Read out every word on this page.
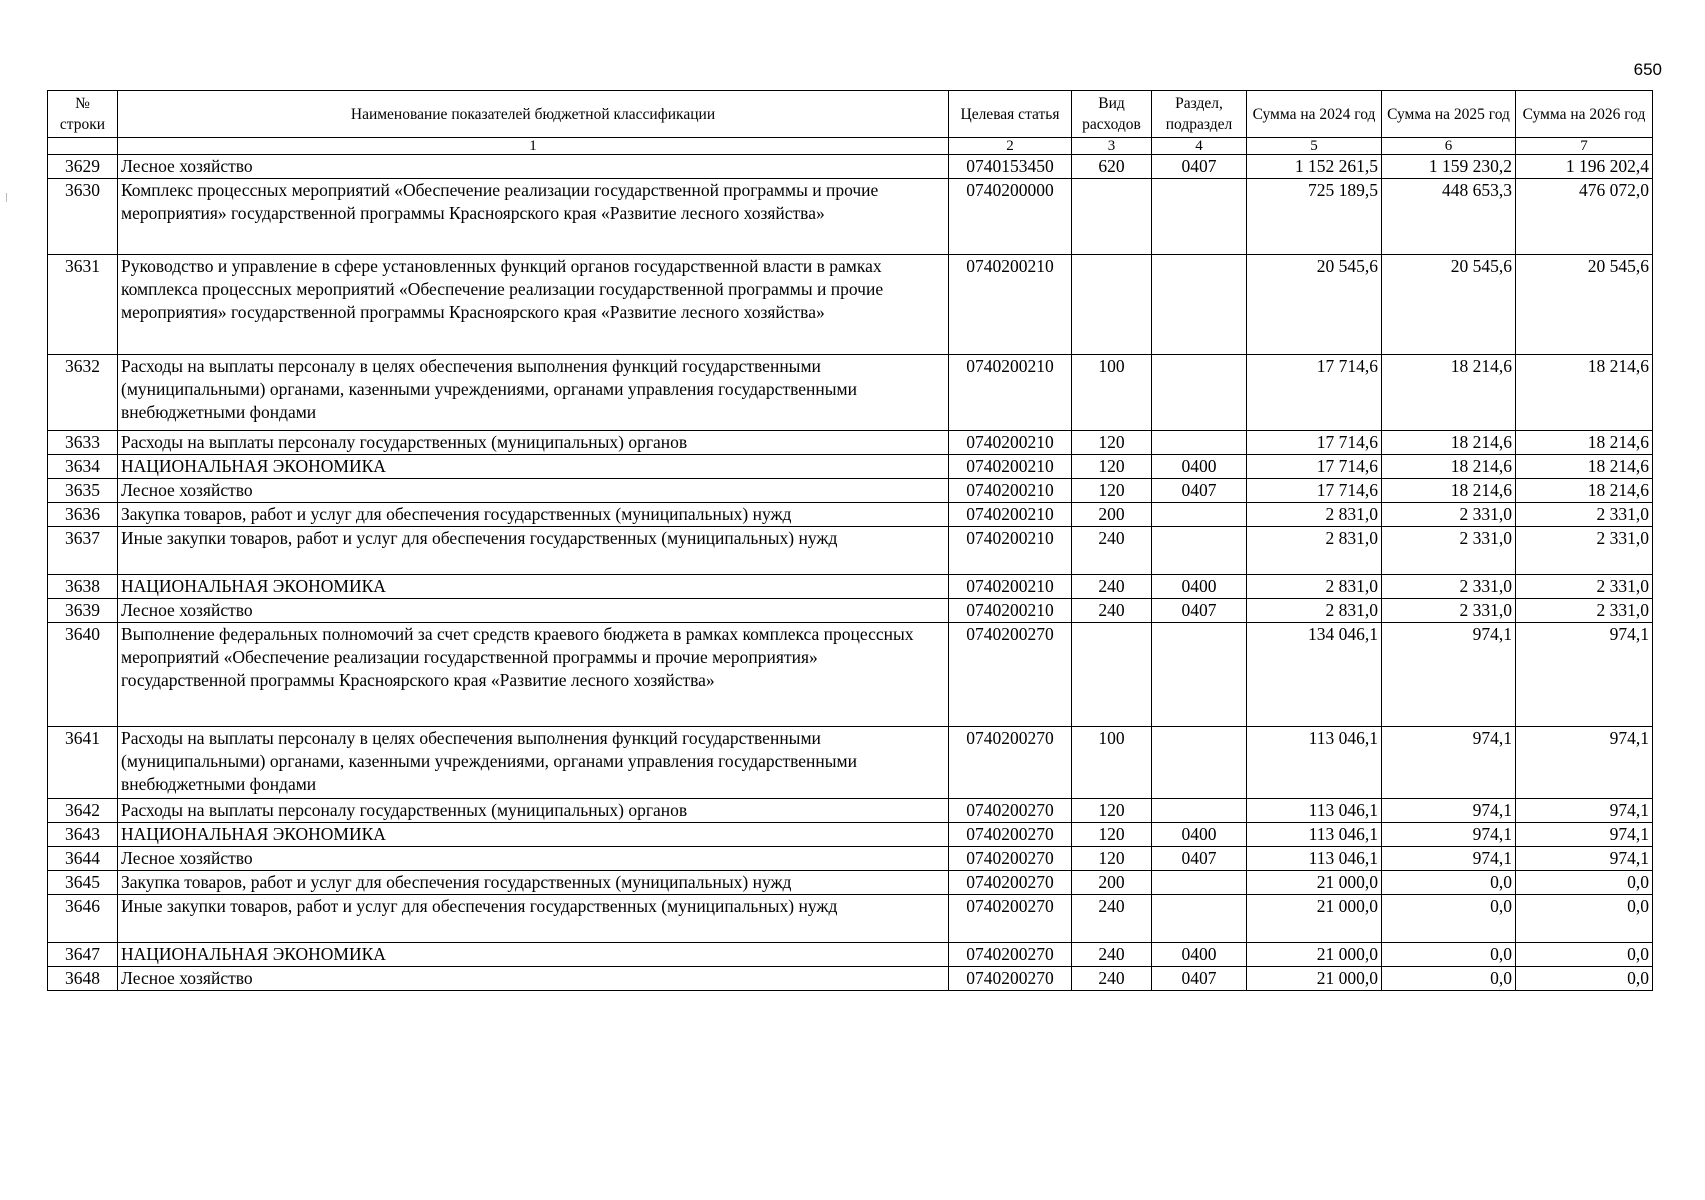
650
№ строки	Наименование показателей бюджетной классификации	Целевая статья	Вид расходов	Раздел, подраздел	Сумма на 2024 год	Сумма на 2025 год	Сумма на 2026 год
	1	2	3	4	5	6	7
3629	Лесное хозяйство	0740153450	620	0407	1 152 261,5	1 159 230,2	1 196 202,4
3630	Комплекс процессных мероприятий «Обеспечение реализации государственной программы и прочие мероприятия» государственной программы Красноярского края «Развитие лесного хозяйства»	0740200000			725 189,5	448 653,3	476 072,0
3631	Руководство и управление в сфере установленных функций органов государственной власти в рамках комплекса процессных мероприятий «Обеспечение реализации государственной программы и прочие мероприятия» государственной программы Красноярского края «Развитие лесного хозяйства»	0740200210			20 545,6	20 545,6	20 545,6
3632	Расходы на выплаты персоналу в целях обеспечения выполнения функций государственными (муниципальными) органами, казенными учреждениями, органами управления государственными внебюджетными фондами	0740200210	100		17 714,6	18 214,6	18 214,6
3633	Расходы на выплаты персоналу государственных (муниципальных) органов	0740200210	120		17 714,6	18 214,6	18 214,6
3634	НАЦИОНАЛЬНАЯ ЭКОНОМИКА	0740200210	120	0400	17 714,6	18 214,6	18 214,6
3635	Лесное хозяйство	0740200210	120	0407	17 714,6	18 214,6	18 214,6
3636	Закупка товаров, работ и услуг для обеспечения государственных (муниципальных) нужд	0740200210	200		2 831,0	2 331,0	2 331,0
3637	Иные закупки товаров, работ и услуг для обеспечения государственных (муниципальных) нужд	0740200210	240		2 831,0	2 331,0	2 331,0
3638	НАЦИОНАЛЬНАЯ ЭКОНОМИКА	0740200210	240	0400	2 831,0	2 331,0	2 331,0
3639	Лесное хозяйство	0740200210	240	0407	2 831,0	2 331,0	2 331,0
3640	Выполнение федеральных полномочий за счет средств краевого бюджета в рамках комплекса процессных мероприятий «Обеспечение реализации государственной программы и прочие мероприятия» государственной программы Красноярского края «Развитие лесного хозяйства»	0740200270			134 046,1	974,1	974,1
3641	Расходы на выплаты персоналу в целях обеспечения выполнения функций государственными (муниципальными) органами, казенными учреждениями, органами управления государственными внебюджетными фондами	0740200270	100		113 046,1	974,1	974,1
3642	Расходы на выплаты персоналу государственных (муниципальных) органов	0740200270	120		113 046,1	974,1	974,1
3643	НАЦИОНАЛЬНАЯ ЭКОНОМИКА	0740200270	120	0400	113 046,1	974,1	974,1
3644	Лесное хозяйство	0740200270	120	0407	113 046,1	974,1	974,1
3645	Закупка товаров, работ и услуг для обеспечения государственных (муниципальных) нужд	0740200270	200		21 000,0	0,0	0,0
3646	Иные закупки товаров, работ и услуг для обеспечения государственных (муниципальных) нужд	0740200270	240		21 000,0	0,0	0,0
3647	НАЦИОНАЛЬНАЯ ЭКОНОМИКА	0740200270	240	0400	21 000,0	0,0	0,0
3648	Лесное хозяйство	0740200270	240	0407	21 000,0	0,0	0,0
